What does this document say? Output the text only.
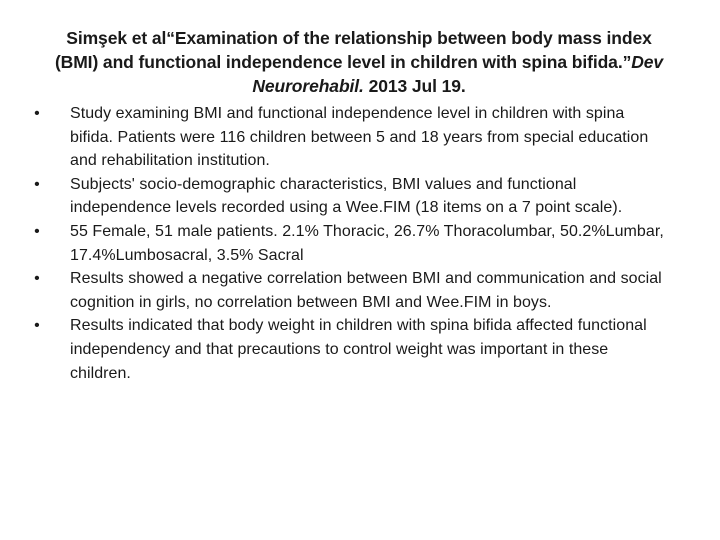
Simşek et al“Examination of the relationship between body mass index (BMI) and functional independence level in children with spina bifida.”Dev Neurorehabil. 2013 Jul 19.
• Study examining BMI and functional independence level in children with spina bifida. Patients were 116 children between 5 and 18 years from special education and rehabilitation institution.
• Subjects' socio-demographic characteristics, BMI values and functional independence levels recorded using a Wee.FIM (18 items on a 7 point scale).
• 55 Female, 51 male patients. 2.1% Thoracic, 26.7% Thoracolumbar, 50.2%Lumbar, 17.4%Lumbosacral, 3.5% Sacral
• Results showed a negative correlation between BMI and communication and social cognition in girls, no correlation between BMI and Wee.FIM in boys.
• Results indicated that body weight in children with spina bifida affected functional independency and that precautions to control weight was important in these children.
